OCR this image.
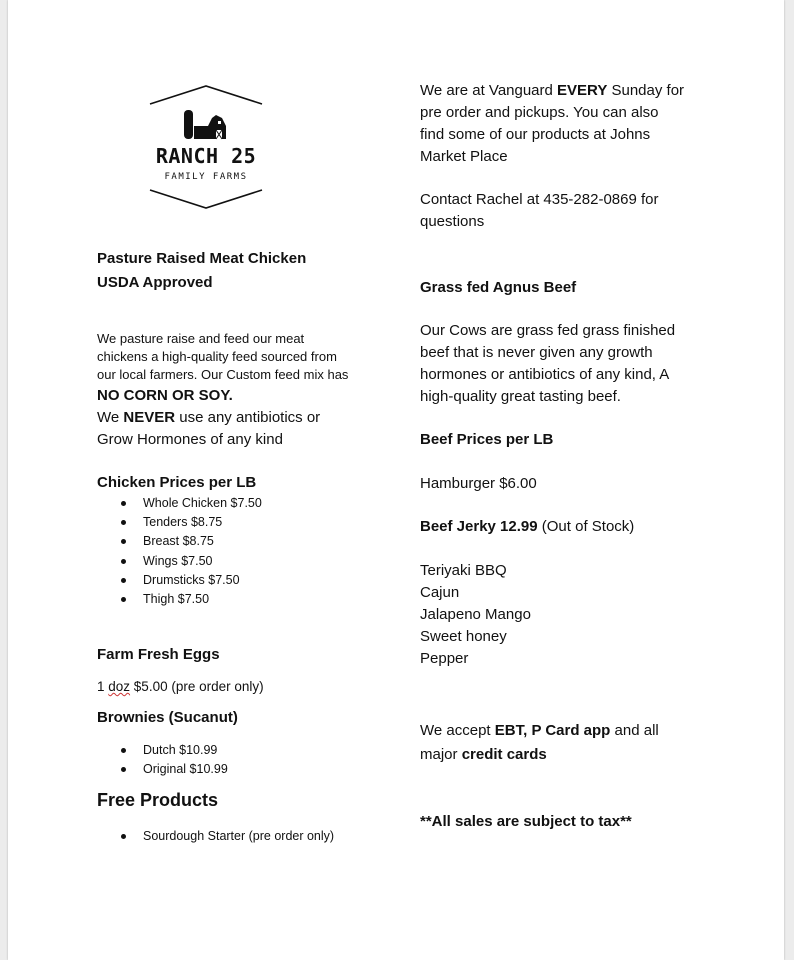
RANCH 25
FAMILY FARMS
Pasture Raised Meat Chicken
USDA Approved
We pasture raise and feed our meat
chickens a high-quality feed sourced from
our local farmers. Our Custom feed mix has
NO CORN OR SOY.
We NEVER use any antibiotics or
Grow Hormones of any kind
Chicken Prices per LB
Whole Chicken $7.50
Tenders $8.75
Breast $8.75
Wings $7.50
Drumsticks $7.50
Thigh $7.50
Farm Fresh Eggs
1 doz $5.00 (pre order only)
Brownies (Sucanut)
Dutch $10.99
Original $10.99
Free Products
Sourdough Starter (pre order only)
We are at Vanguard EVERY Sunday for
pre order and pickups. You can also
find some of our products at Johns
Market Place
Contact Rachel at 435-282-0869 for
questions
Grass fed Agnus Beef
Our Cows are grass fed grass finished
beef that is never given any growth
hormones or antibiotics of any kind, A
high-quality great tasting beef.
Beef Prices per LB
Hamburger $6.00
Beef Jerky 12.99 (Out of Stock)
Teriyaki BBQ
Cajun
Jalapeno Mango
Sweet honey
Pepper
We accept EBT, P Card app and all
major credit cards
**All sales are subject to tax**
